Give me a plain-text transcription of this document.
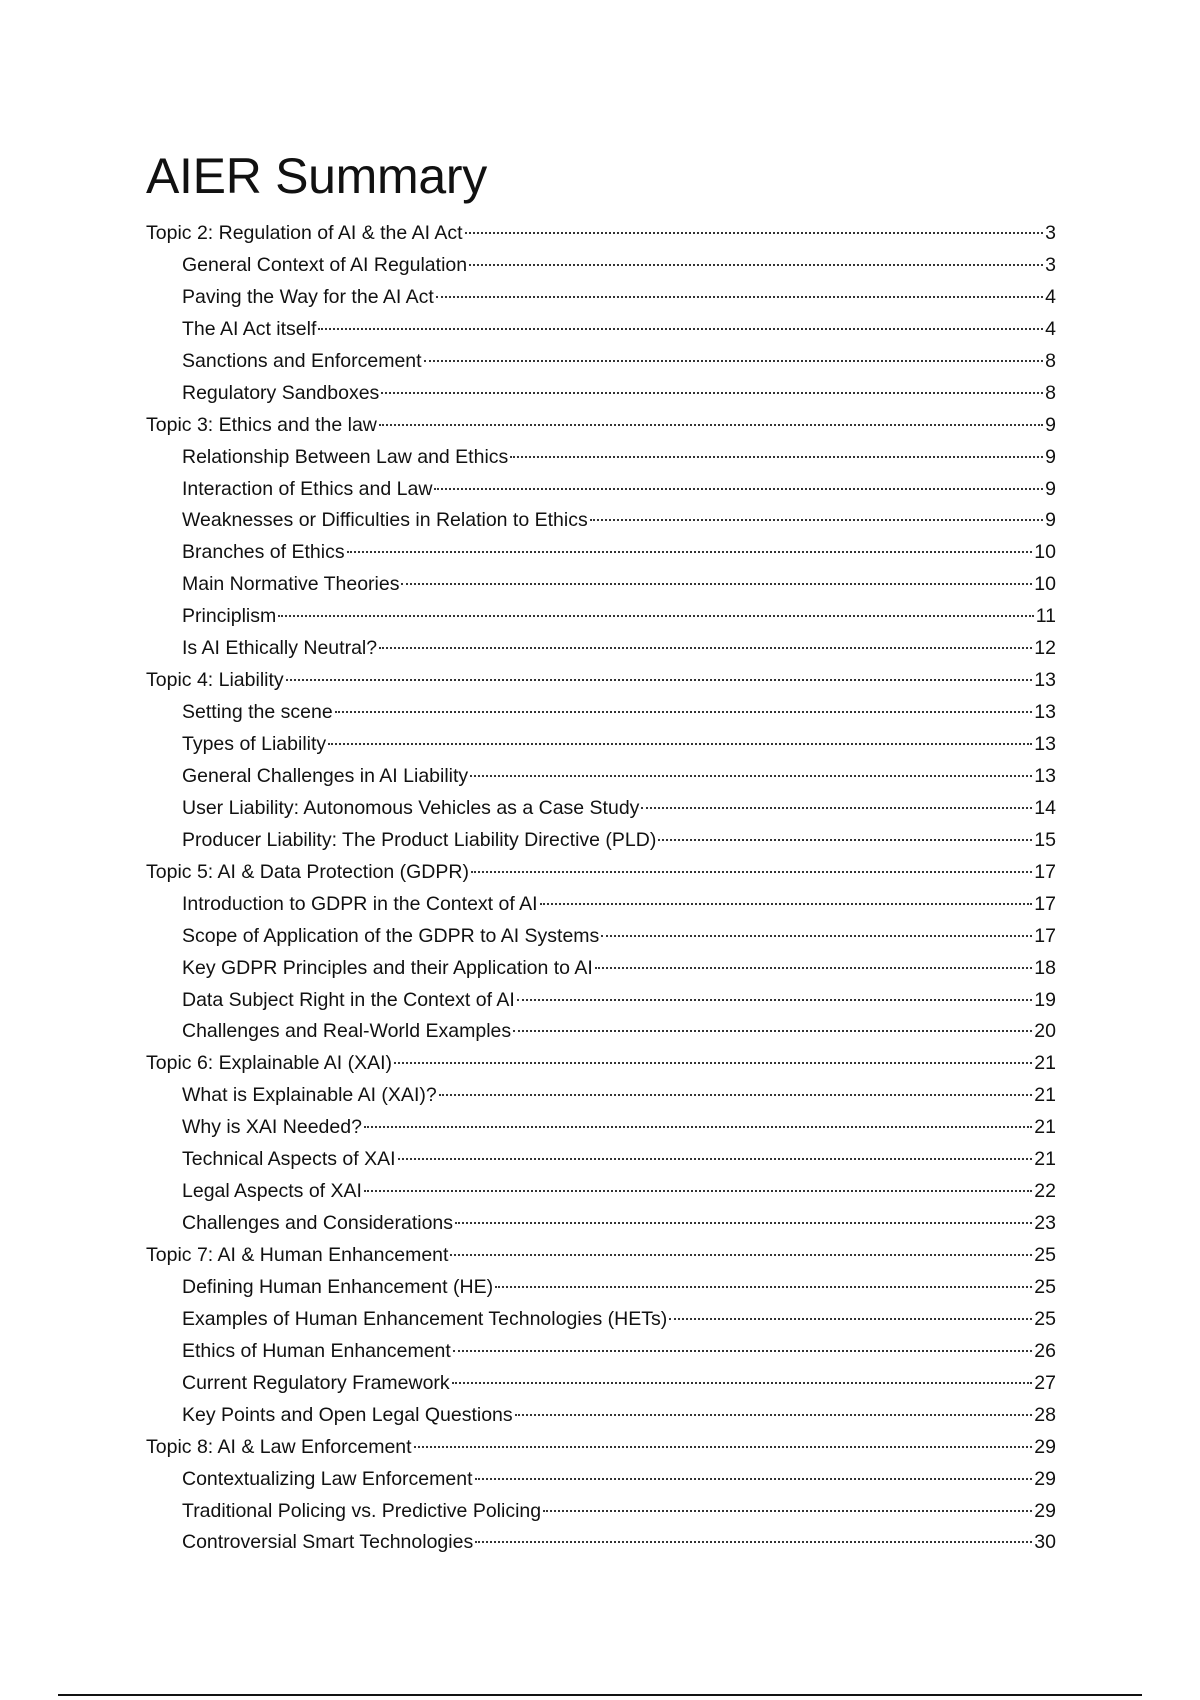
AIER Summary
Topic 2: Regulation of AI & the AI Act	3
General Context of AI Regulation	3
Paving the Way for the AI Act	4
The AI Act itself	4
Sanctions and Enforcement	8
Regulatory Sandboxes	8
Topic 3: Ethics and the law	9
Relationship Between Law and Ethics	9
Interaction of Ethics and Law	9
Weaknesses or Difficulties in Relation to Ethics	9
Branches of Ethics	10
Main Normative Theories	10
Principlism	11
Is AI Ethically Neutral?	12
Topic 4: Liability	13
Setting the scene	13
Types of Liability	13
General Challenges in AI Liability	13
User Liability: Autonomous Vehicles as a Case Study	14
Producer Liability: The Product Liability Directive (PLD)	15
Topic 5: AI & Data Protection (GDPR)	17
Introduction to GDPR in the Context of AI	17
Scope of Application of the GDPR to AI Systems	17
Key GDPR Principles and their Application to AI	18
Data Subject Right in the Context of AI	19
Challenges and Real-World Examples	20
Topic 6: Explainable AI (XAI)	21
What is Explainable AI (XAI)?	21
Why is XAI Needed?	21
Technical Aspects of XAI	21
Legal Aspects of XAI	22
Challenges and Considerations	23
Topic 7: AI & Human Enhancement	25
Defining Human Enhancement (HE)	25
Examples of Human Enhancement Technologies (HETs)	25
Ethics of Human Enhancement	26
Current Regulatory Framework	27
Key Points and Open Legal Questions	28
Topic 8: AI & Law Enforcement	29
Contextualizing Law Enforcement	29
Traditional Policing vs. Predictive Policing	29
Controversial Smart Technologies	30
